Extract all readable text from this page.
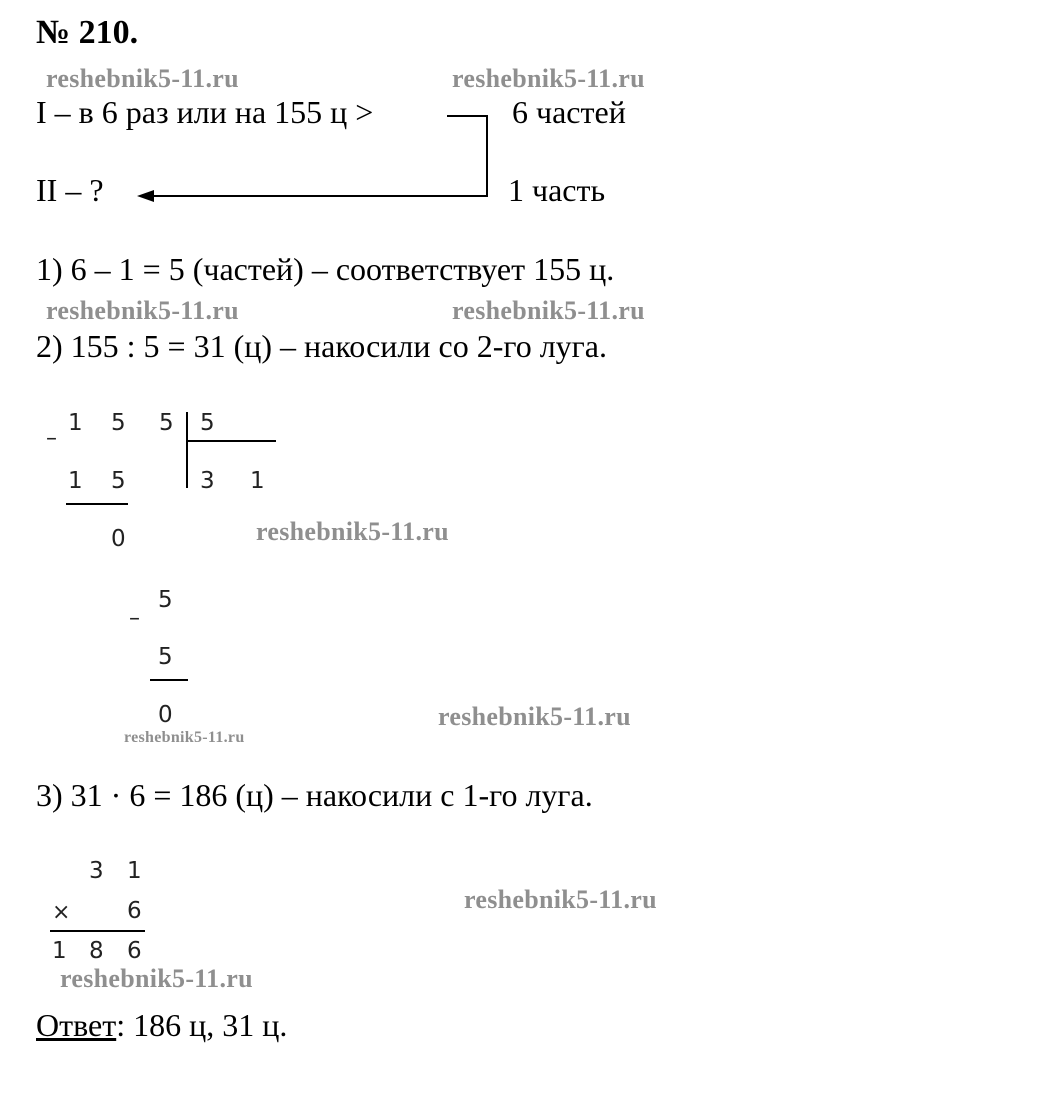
№ 210.
reshebnik5-11.ru	reshebnik5-11.ru
reshebnik5-11.ru	reshebnik5-11.ru
reshebnik5-11.ru
reshebnik5-11.ru
reshebnik5-11.ru
reshebnik5-11.ru
reshebnik5-11.ru
I – в 6 раз или на 155 ц >	6 частей
II – ?	1 часть
1) 6 – 1 = 5 (частей) – соответствует 155 ц.
2) 155 : 5 = 31 (ц) – накосили со 2-го луга.
–
1 5 5 5
3 1
1 5
0
5
–
5
0
3) 31 · 6 = 186 (ц) – накосили с 1-го луга.
3 1
× 6
1 8 6
Ответ: 186 ц, 31 ц.
